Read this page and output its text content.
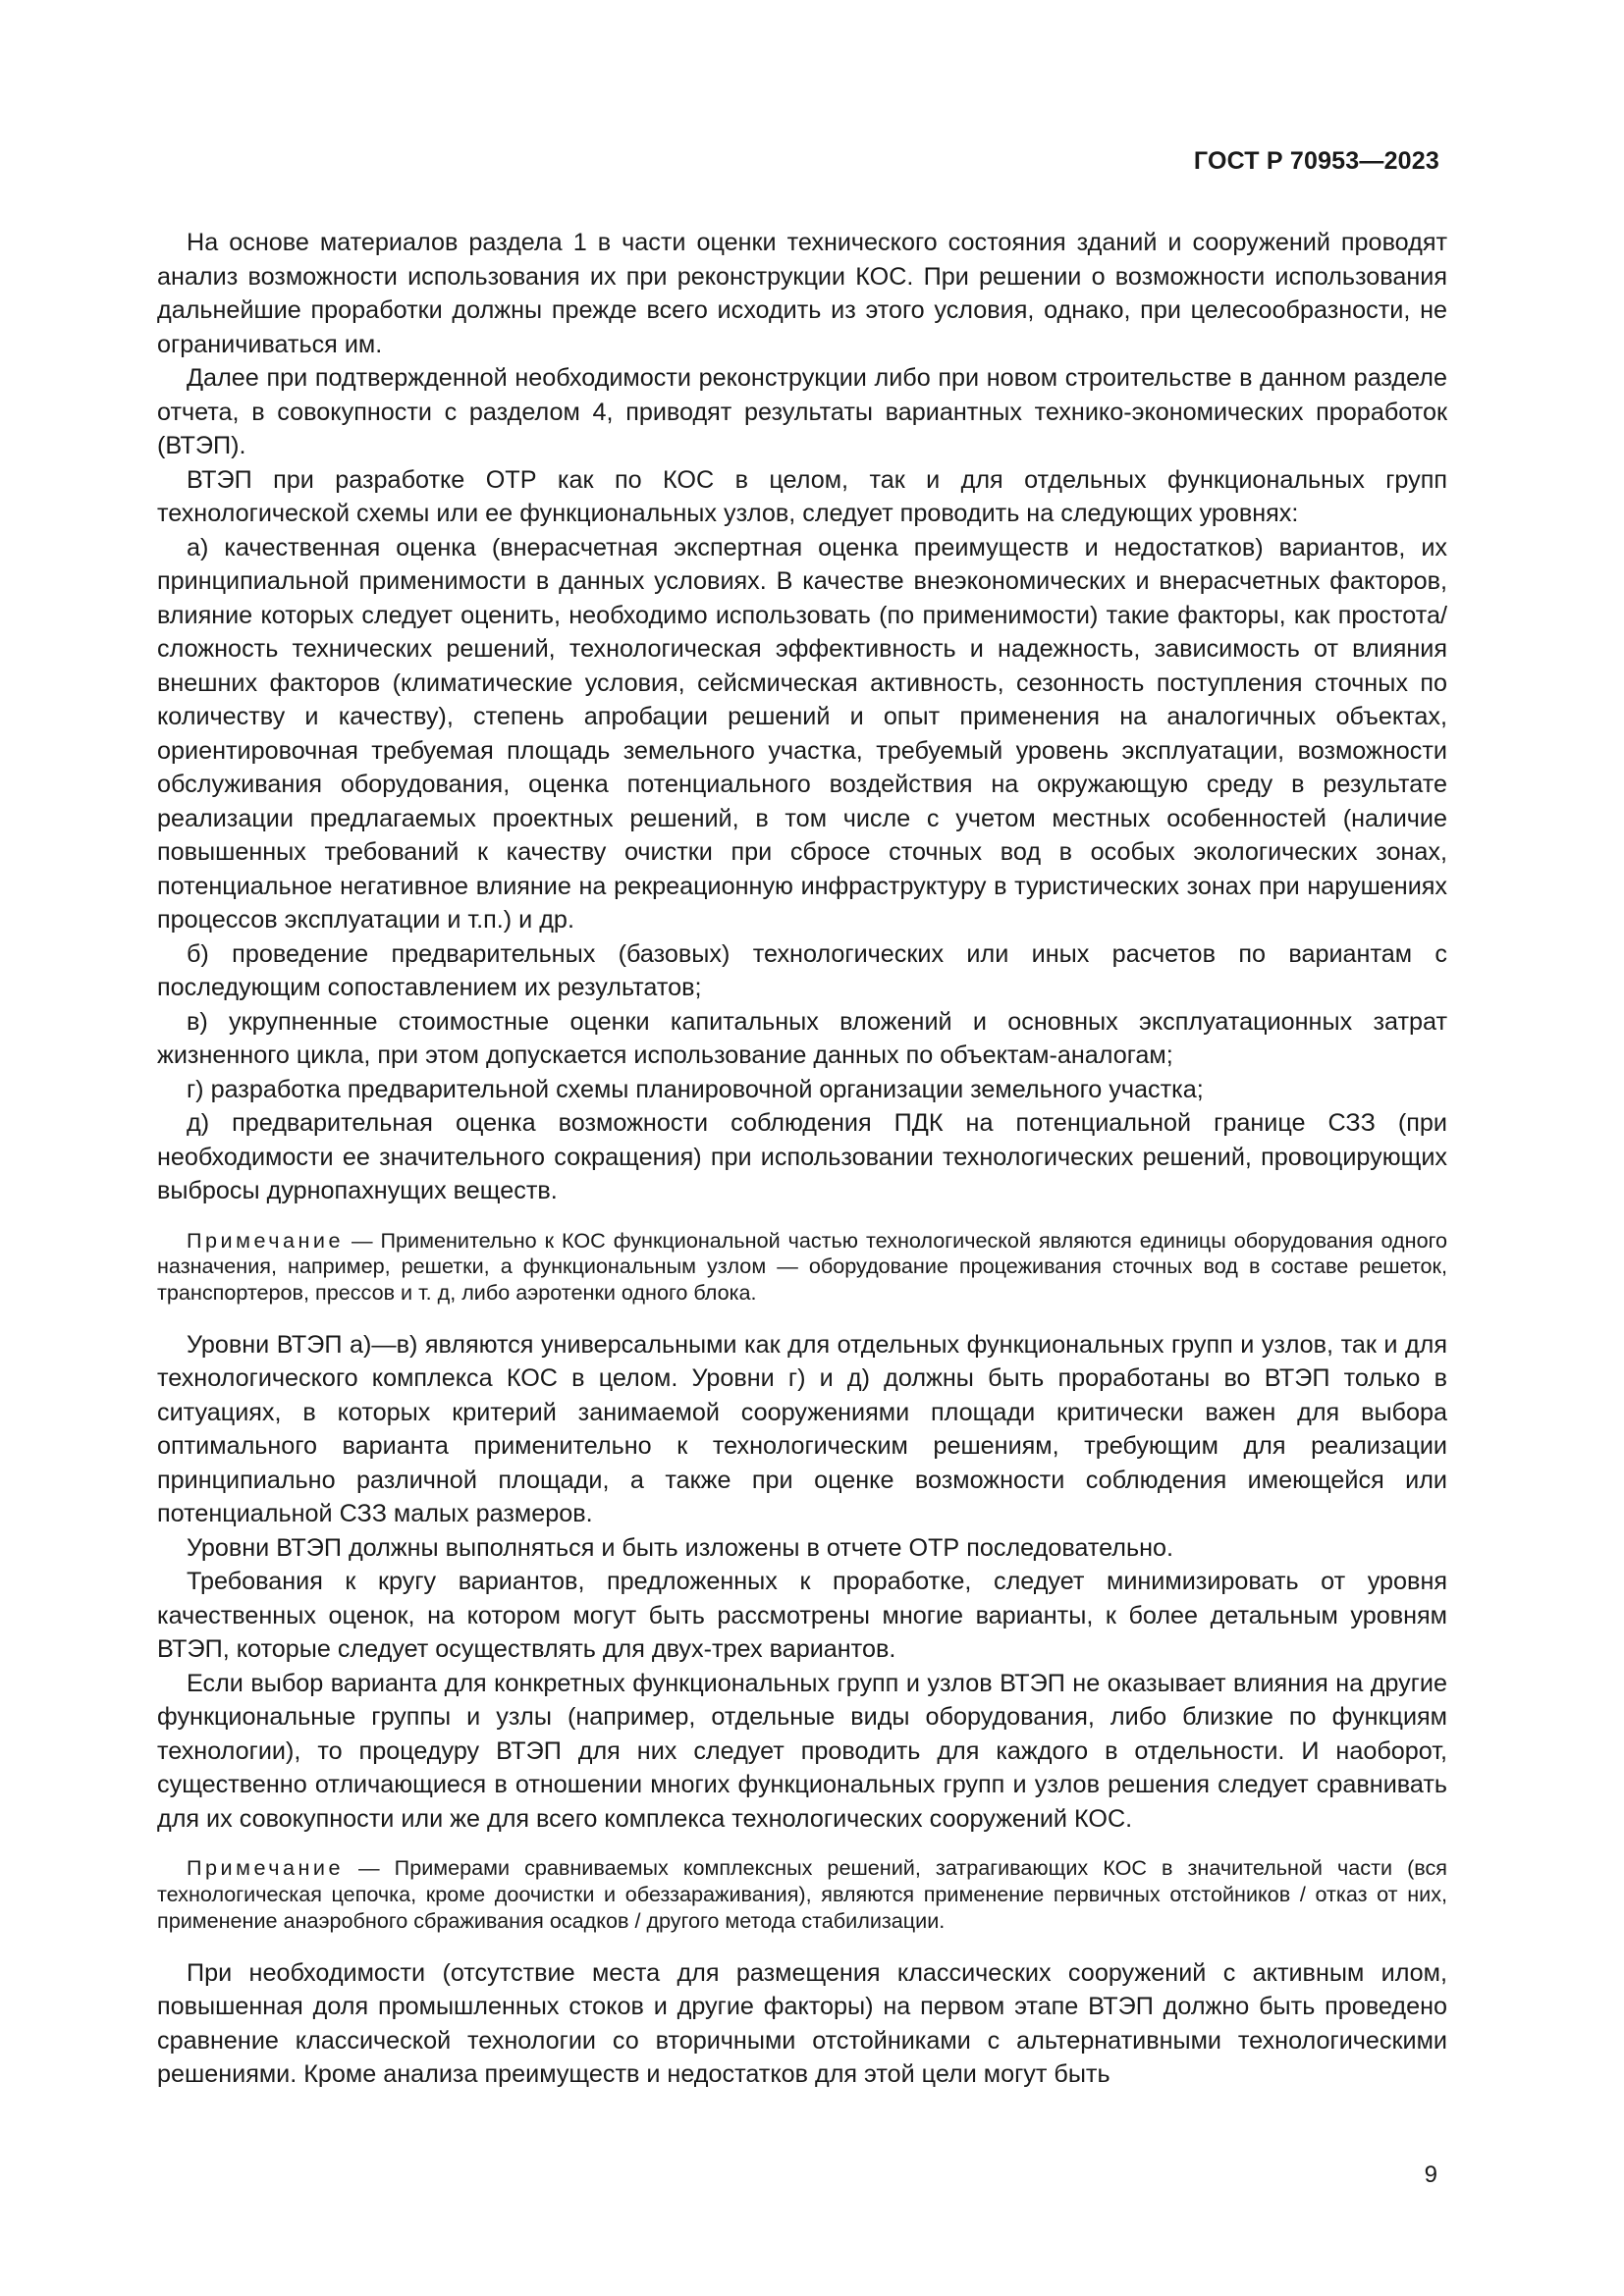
ГОСТ Р 70953—2023

На основе материалов раздела 1 в части оценки технического состояния зданий и сооружений проводят анализ возможности использования их при реконструкции КОС. При решении о возможности использования дальнейшие проработки должны прежде всего исходить из этого условия, однако, при целесообразности, не ограничиваться им.

Далее при подтвержденной необходимости реконструкции либо при новом строительстве в данном разделе отчета, в совокупности с разделом 4, приводят результаты вариантных технико-экономических проработок (ВТЭП).

ВТЭП при разработке ОТР как по КОС в целом, так и для отдельных функциональных групп технологической схемы или ее функциональных узлов, следует проводить на следующих уровнях:

а) качественная оценка (внерасчетная экспертная оценка преимуществ и недостатков) вариантов, их принципиальной применимости в данных условиях. В качестве внеэкономических и внерасчетных факторов, влияние которых следует оценить, необходимо использовать (по применимости) такие факторы, как простота/сложность технических решений, технологическая эффективность и надежность, зависимость от влияния внешних факторов (климатические условия, сейсмическая активность, сезонность поступления сточных по количеству и качеству), степень апробации решений и опыт применения на аналогичных объектах, ориентировочная требуемая площадь земельного участка, требуемый уровень эксплуатации, возможности обслуживания оборудования, оценка потенциального воздействия на окружающую среду в результате реализации предлагаемых проектных решений, в том числе с учетом местных особенностей (наличие повышенных требований к качеству очистки при сбросе сточных вод в особых экологических зонах, потенциальное негативное влияние на рекреационную инфраструктуру в туристических зонах при нарушениях процессов эксплуатации и т.п.) и др.

б) проведение предварительных (базовых) технологических или иных расчетов по вариантам с последующим сопоставлением их результатов;

в) укрупненные стоимостные оценки капитальных вложений и основных эксплуатационных затрат жизненного цикла, при этом допускается использование данных по объектам-аналогам;

г) разработка предварительной схемы планировочной организации земельного участка;

д) предварительная оценка возможности соблюдения ПДК на потенциальной границе СЗЗ (при необходимости ее значительного сокращения) при использовании технологических решений, провоцирующих выбросы дурнопахнущих веществ.

Примечание — Применительно к КОС функциональной частью технологической являются единицы оборудования одного назначения, например, решетки, а функциональным узлом — оборудование процеживания сточных вод в составе решеток, транспортеров, прессов и т. д, либо аэротенки одного блока.

Уровни ВТЭП а)—в) являются универсальными как для отдельных функциональных групп и узлов, так и для технологического комплекса КОС в целом. Уровни г) и д) должны быть проработаны во ВТЭП только в ситуациях, в которых критерий занимаемой сооружениями площади критически важен для выбора оптимального варианта применительно к технологическим решениям, требующим для реализации принципиально различной площади, а также при оценке возможности соблюдения имеющейся или потенциальной СЗЗ малых размеров.

Уровни ВТЭП должны выполняться и быть изложены в отчете ОТР последовательно.

Требования к кругу вариантов, предложенных к проработке, следует минимизировать от уровня качественных оценок, на котором могут быть рассмотрены многие варианты, к более детальным уровням ВТЭП, которые следует осуществлять для двух-трех вариантов.

Если выбор варианта для конкретных функциональных групп и узлов ВТЭП не оказывает влияния на другие функциональные группы и узлы (например, отдельные виды оборудования, либо близкие по функциям технологии), то процедуру ВТЭП для них следует проводить для каждого в отдельности. И наоборот, существенно отличающиеся в отношении многих функциональных групп и узлов решения следует сравнивать для их совокупности или же для всего комплекса технологических сооружений КОС.

Примечание — Примерами сравниваемых комплексных решений, затрагивающих КОС в значительной части (вся технологическая цепочка, кроме доочистки и обеззараживания), являются применение первичных отстойников / отказ от них, применение анаэробного сбраживания осадков / другого метода стабилизации.

При необходимости (отсутствие места для размещения классических сооружений с активным илом, повышенная доля промышленных стоков и другие факторы) на первом этапе ВТЭП должно быть проведено сравнение классической технологии со вторичными отстойниками с альтернативными технологическими решениями. Кроме анализа преимуществ и недостатков для этой цели могут быть

9
